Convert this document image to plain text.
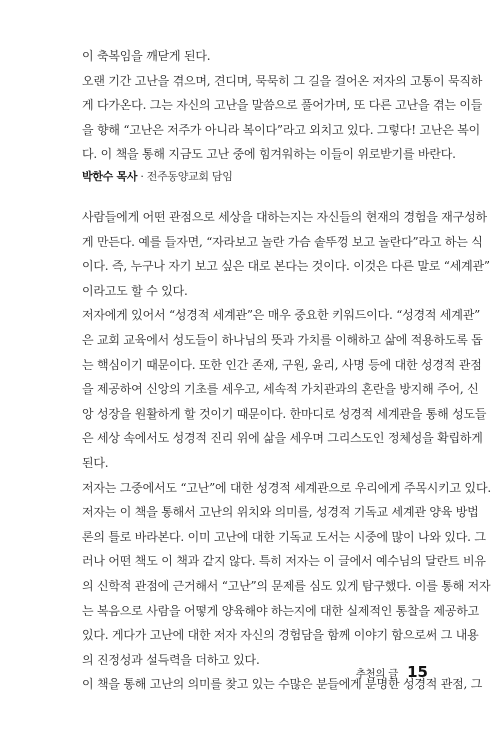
이 축복임을 깨닫게 된다.
오랜 기간 고난을 겪으며, 견디며, 묵묵히 그 길을 걸어온 저자의 고통이 묵직하
게 다가온다. 그는 자신의 고난을 말씀으로 풀어가며, 또 다른 고난을 겪는 이들
을 향해 “고난은 저주가 아니라 복이다”라고 외치고 있다. 그렇다! 고난은 복이
다. 이 책을 통해 지금도 고난 중에 힘겨워하는 이들이 위로받기를 바란다.
박한수 목사 · 전주동양교회 담임
사람들에게 어떤 관점으로 세상을 대하는지는 자신들의 현재의 경험을 재구성하
게 만든다. 예를 들자면, “자라보고 놀란 가슴 솥뚜껑 보고 놀란다”라고 하는 식
이다. 즉, 누구나 자기 보고 싶은 대로 본다는 것이다. 이것은 다른 말로 “세계관”
이라고도 할 수 있다.
저자에게 있어서 “성경적 세계관”은 매우 중요한 키워드이다. “성경적 세계관”
은 교회 교육에서 성도들이 하나님의 뜻과 가치를 이해하고 삶에 적용하도록 돕
는 핵심이기 때문이다. 또한 인간 존재, 구원, 윤리, 사명 등에 대한 성경적 관점
을 제공하여 신앙의 기초를 세우고, 세속적 가치관과의 혼란을 방지해 주어, 신
앙 성장을 원활하게 할 것이기 때문이다. 한마디로 성경적 세계관을 통해 성도들
은 세상 속에서도 성경적 진리 위에 삶을 세우며 그리스도인 정체성을 확립하게
된다.
저자는 그중에서도 “고난”에 대한 성경적 세계관으로 우리에게 주목시키고 있다.
저자는 이 책을 통해서 고난의 위치와 의미를, 성경적 기독교 세계관 양육 방법
론의 틀로 바라본다. 이미 고난에 대한 기독교 도서는 시중에 많이 나와 있다. 그
러나 어떤 책도 이 책과 같지 않다. 특히 저자는 이 글에서 예수님의 달란트 비유
의 신학적 관점에 근거해서 “고난”의 문제를 심도 있게 탐구했다. 이를 통해 저자
는 복음으로 사람을 어떻게 양육해야 하는지에 대한 실제적인 통찰을 제공하고
있다. 게다가 고난에 대한 저자 자신의 경험담을 함께 이야기 함으로써 그 내용
의 진정성과 설득력을 더하고 있다.
이 책을 통해 고난의 의미를 찾고 있는 수많은 분들에게 분명한 성경적 관점, 그
추천의 글 15
